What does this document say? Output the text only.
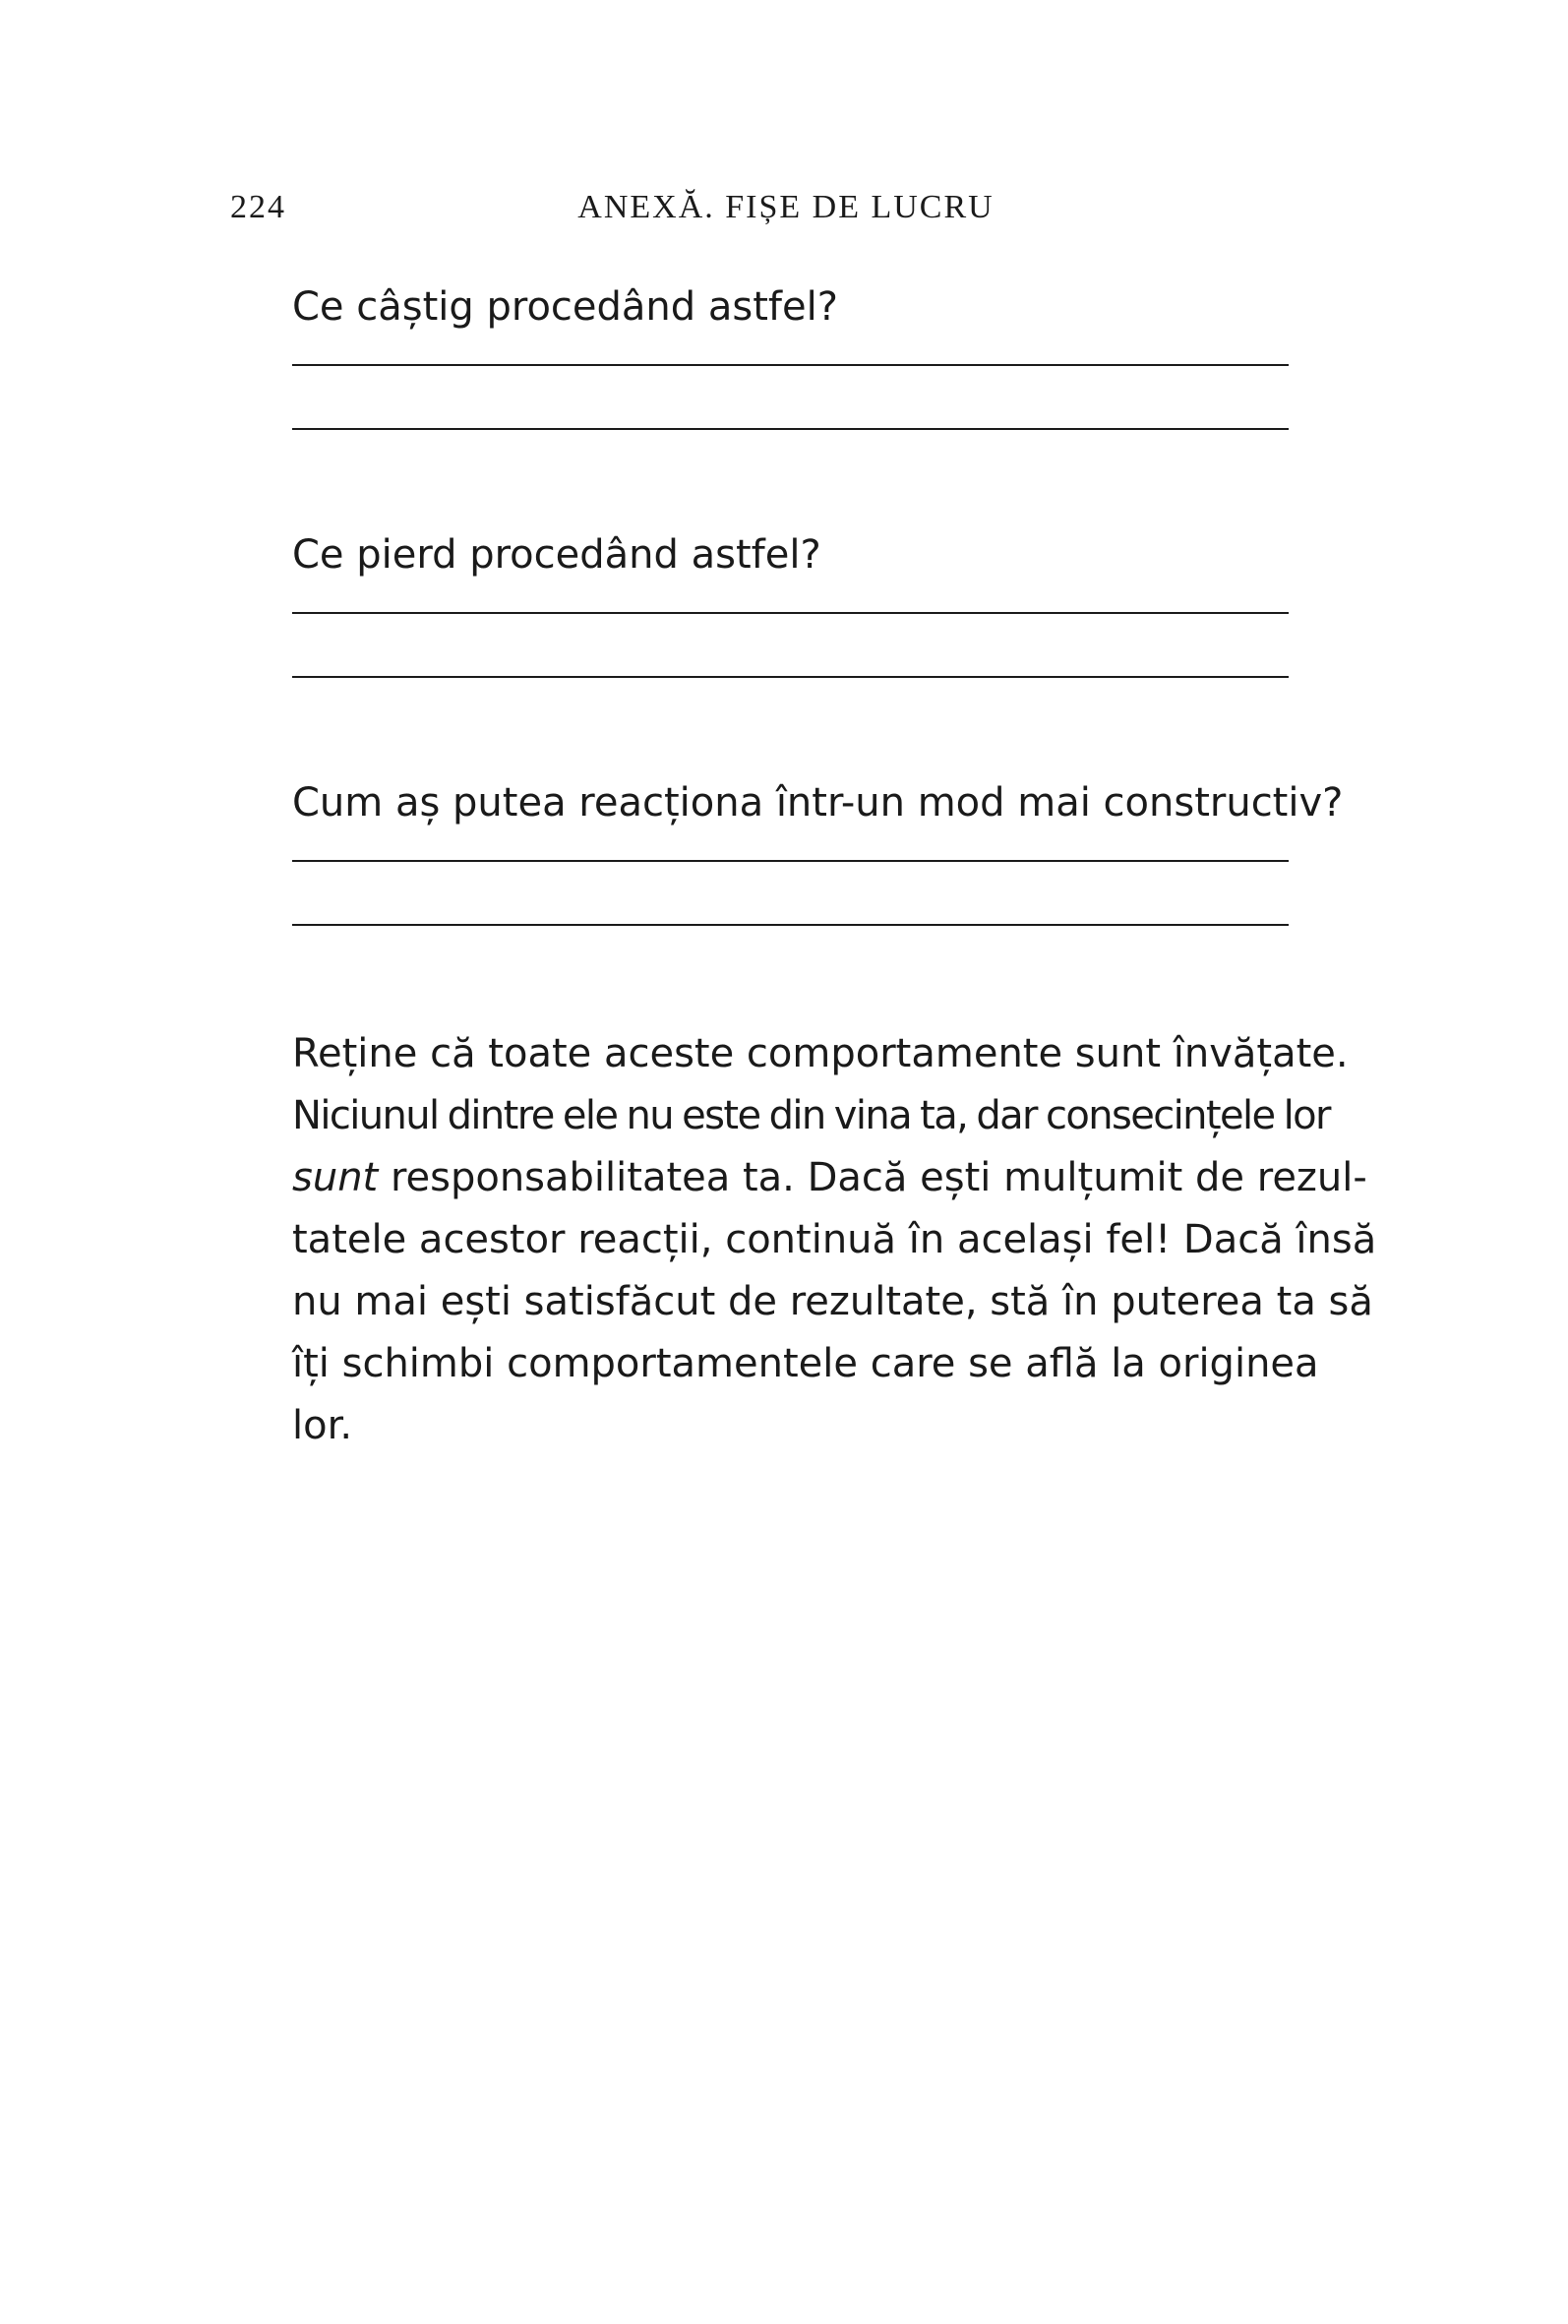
224	ANEXĂ. FIȘE DE LUCRU
Ce câștig procedând astfel?
Ce pierd procedând astfel?
Cum aș putea reacționa într-un mod mai constructiv?
Reține că toate aceste comportamente sunt învățate.
Niciunul dintre ele nu este din vina ta, dar consecințele lor
sunt responsabilitatea ta. Dacă ești mulțumit de rezul-
tatele acestor reacții, continuă în același fel! Dacă însă
nu mai ești satisfăcut de rezultate, stă în puterea ta să
îți schimbi comportamentele care se află la originea
lor.
